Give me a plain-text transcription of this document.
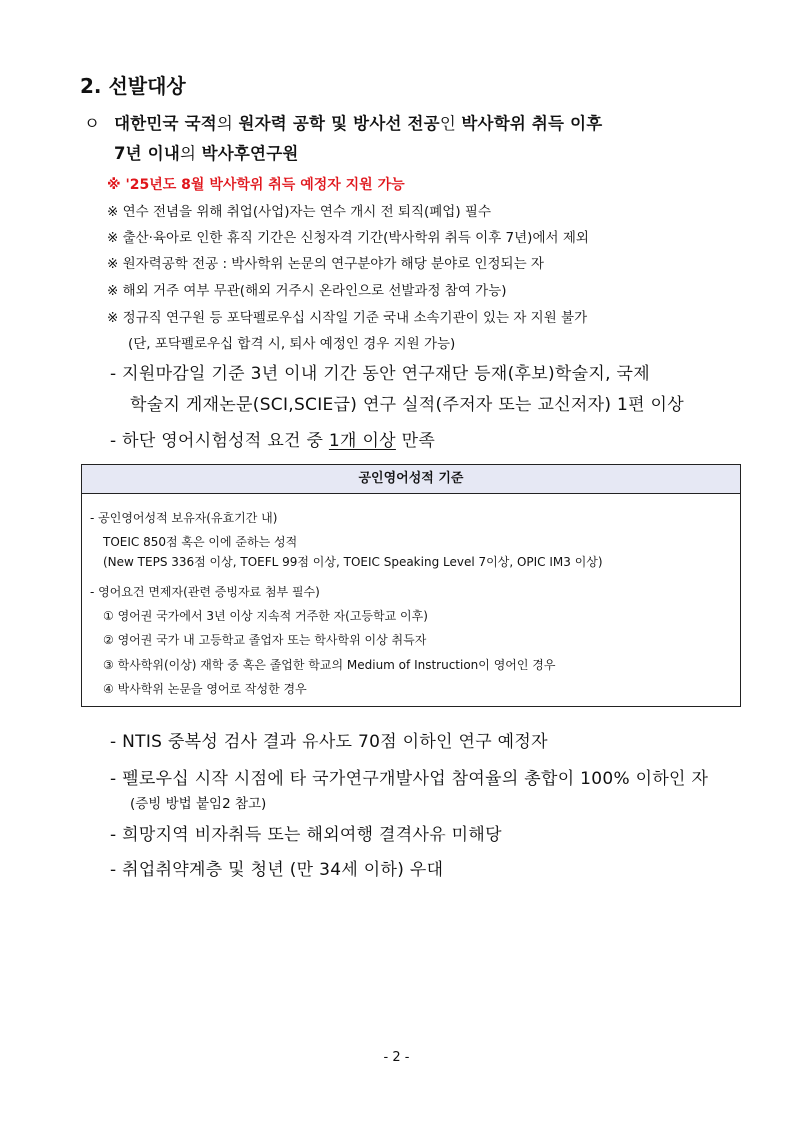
2. 선발대상
ㅇ 대한민국 국적의 원자력 공학 및 방사선 전공인 박사학위 취득 이후
7년 이내의 박사후연구원
※ '25년도 8월 박사학위 취득 예정자 지원 가능
※ 연수 전념을 위해 취업(사업)자는 연수 개시 전 퇴직(폐업) 필수
※ 출산·육아로 인한 휴직 기간은 신청자격 기간(박사학위 취득 이후 7년)에서 제외
※ 원자력공학 전공 : 박사학위 논문의 연구분야가 해당 분야로 인정되는 자
※ 해외 거주 여부 무관(해외 거주시 온라인으로 선발과정 참여 가능)
※ 정규직 연구원 등 포닥펠로우십 시작일 기준 국내 소속기관이 있는 자 지원 불가
(단, 포닥펠로우십 합격 시, 퇴사 예정인 경우 지원 가능)
- 지원마감일 기준 3년 이내 기간 동안 연구재단 등재(후보)학술지, 국제
학술지 게재논문(SCI,SCIE급) 연구 실적(주저자 또는 교신저자) 1편 이상
- 하단 영어시험성적 요건 중 1개 이상 만족
공인영어성적 기준
- 공인영어성적 보유자(유효기간 내)
TOEIC 850점 혹은 이에 준하는 성적
(New TEPS 336점 이상, TOEFL 99점 이상, TOEIC Speaking Level 7이상, OPIC IM3 이상)
- 영어요건 면제자(관련 증빙자료 첨부 필수)
① 영어권 국가에서 3년 이상 지속적 거주한 자(고등학교 이후)
② 영어권 국가 내 고등학교 졸업자 또는 학사학위 이상 취득자
③ 학사학위(이상) 재학 중 혹은 졸업한 학교의 Medium of Instruction이 영어인 경우
④ 박사학위 논문을 영어로 작성한 경우
- NTIS 중복성 검사 결과 유사도 70점 이하인 연구 예정자
- 펠로우십 시작 시점에 타 국가연구개발사업 참여율의 총합이 100% 이하인 자
(증빙 방법 붙임2 참고)
- 희망지역 비자취득 또는 해외여행 결격사유 미해당
- 취업취약계층 및 청년 (만 34세 이하) 우대
- 2 -
